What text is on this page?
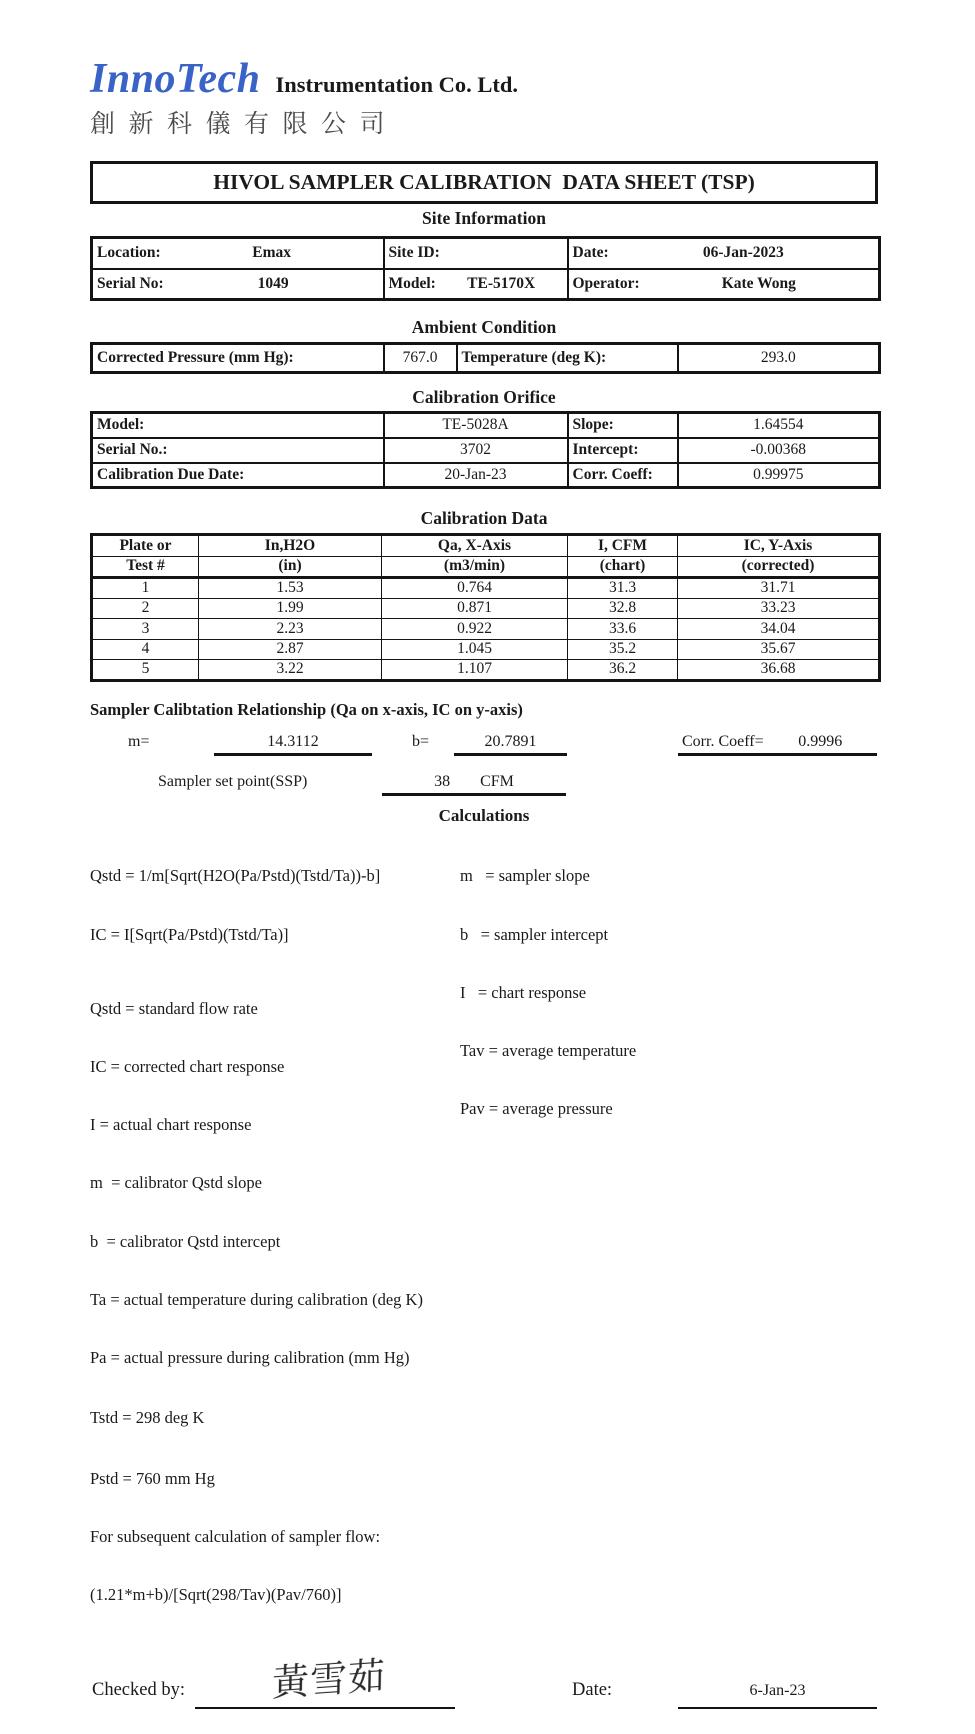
InnoTech Instrumentation Co. Ltd.
創新科儀有限公司
HIVOL SAMPLER CALIBRATION  DATA SHEET (TSP)
Site Information
Location: Emax	Site ID:	Date: 06-Jan-2023

Serial No: 1049	Model: TE-5170X	Operator: Kate Wong
Ambient Condition
Corrected Pressure (mm Hg):	767.0	Temperature (deg K):	293.0
Calibration Orifice
Model:	TE-5028A	Slope:	1.64554

Serial No.:	3702	Intercept:	-0.00368

Calibration Due Date:	20-Jan-23	Corr. Coeff:	0.99975
Calibration Data
Plate or	In,H2O	Qa, X-Axis	I, CFM	IC, Y-Axis
Test #	(in)	(m3/min)	(chart)	(corrected)
1	1.53	0.764	31.3	31.71
2	1.99	0.871	32.8	33.23
3	2.23	0.922	33.6	34.04
4	2.87	1.045	35.2	35.67
5	3.22	1.107	36.2	36.68
Sampler Calibtation Relationship (Qa on x-axis, IC on y-axis)
m=	14.3112	b=	20.7891	Corr. Coeff=	0.9996
Sampler set point(SSP)	38 CFM
Calculations

Qstd = 1/m[Sqrt(H2O(Pa/Pstd)(Tstd/Ta))-b]

IC = I[Sqrt(Pa/Pstd)(Tstd/Ta)]

Qstd = standard flow rate

IC = corrected chart response

I = actual chart response

m  = calibrator Qstd slope

b  = calibrator Qstd intercept

Ta = actual temperature during calibration (deg K)

Pa = actual pressure during calibration (mm Hg)

Tstd = 298 deg K

Pstd = 760 mm Hg

For subsequent calculation of sampler flow:

(1.21*m+b)/[Sqrt(298/Tav)(Pav/760)]

m   = sampler slope

b   = sampler intercept

I   = chart response

Tav = average temperature

Pav = average pressure

黃雪茹
Checked by:	Date:	6-Jan-23
